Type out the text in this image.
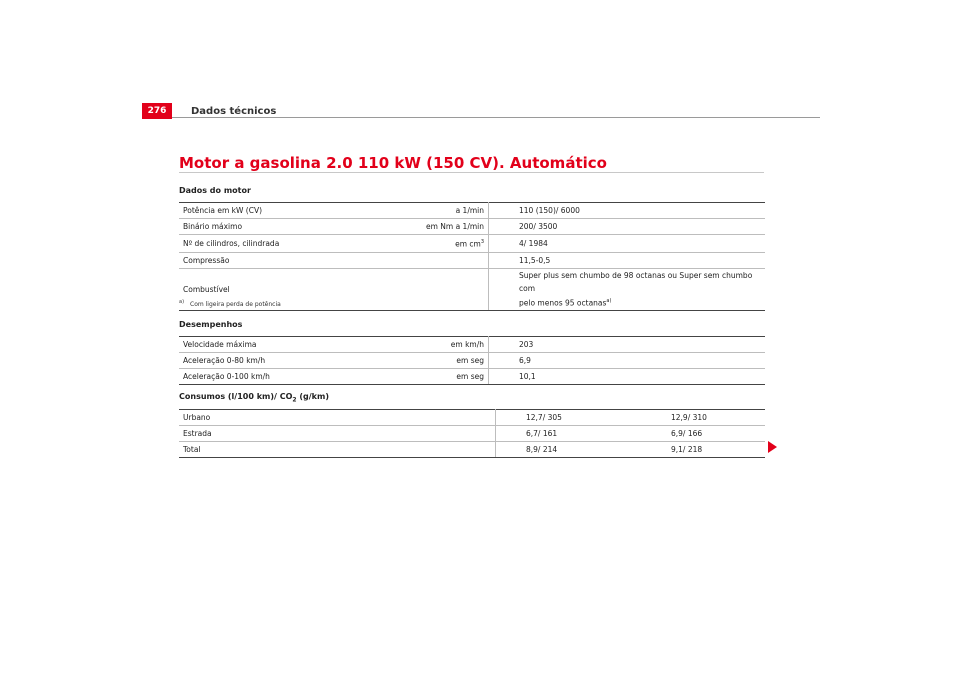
276	Dados técnicos
Motor a gasolina 2.0 110 kW (150 CV). Automático
Dados do motor
Potência em kW (CV)	a 1/min	110 (150)/ 6000
Binário máximo	em Nm a 1/min	200/ 3500
Nº de cilindros, cilindrada	em $cm^3$	4/ 1984
Compressão		11,5-0,5
Combustível		Super plus sem chumbo de 98 octanas ou Super sem chumbo com
pelo menos 95 octanas$^{a)}$
$^{a)}$ Com ligeira perda de potência
Desempenhos
Velocidade máxima	em km/h	203
Aceleração 0-80 km/h	em seg	6,9
Aceleração 0-100 km/h	em seg	10,1
Consumos (l/100 km)/ $CO_2$ (g/km)
Urbano	12,7/ 305	12,9/ 310
Estrada	6,7/ 161	6,9/ 166
Total	8,9/ 214	9,1/ 218
